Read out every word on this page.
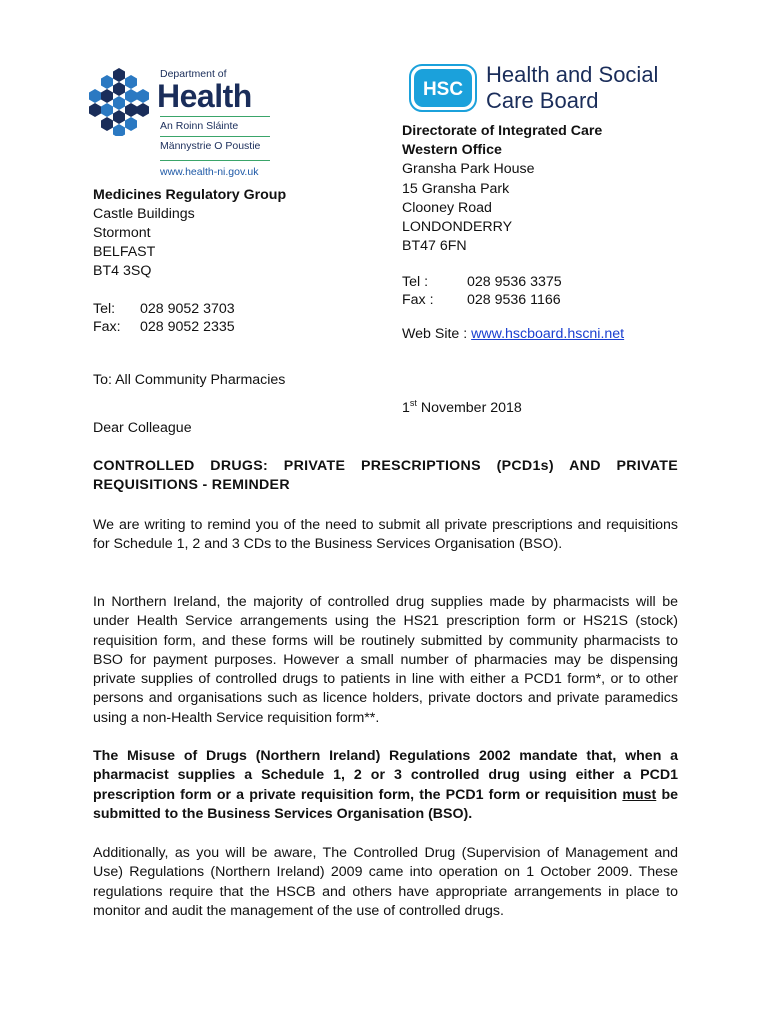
Department of
Health
An Roinn Sláinte
Männystrie O Poustie
www.health-ni.gov.uk
HSC
Health and Social
Care Board
Medicines Regulatory Group
Castle Buildings
Stormont
BELFAST
BT4 3SQ
Tel: 028 9052 3703
Fax: 028 9052 2335
Directorate of Integrated Care
Western Office
Gransha Park House
15 Gransha Park
Clooney Road
LONDONDERRY
BT47 6FN
Tel :	028 9536 3375
Fax : 028 9536 1166
Web Site : www.hscboard.hscni.net
To: All Community Pharmacies
1st November 2018
Dear Colleague
CONTROLLED DRUGS: PRIVATE PRESCRIPTIONS (PCD1s) AND PRIVATE REQUISITIONS - REMINDER
We are writing to remind you of the need to submit all private prescriptions and requisitions for Schedule 1, 2 and 3 CDs to the Business Services Organisation (BSO).
In Northern Ireland, the majority of controlled drug supplies made by pharmacists will be under Health Service arrangements using the HS21 prescription form or HS21S (stock) requisition form, and these forms will be routinely submitted by community pharmacists to BSO for payment purposes. However a small number of pharmacies may be dispensing private supplies of controlled drugs to patients in line with either a PCD1 form*, or to other persons and organisations such as licence holders, private doctors and private paramedics using a non-Health Service requisition form**.
The Misuse of Drugs (Northern Ireland) Regulations 2002 mandate that, when a pharmacist supplies a Schedule 1, 2 or 3 controlled drug using either a PCD1 prescription form or a private requisition form, the PCD1 form or requisition must be submitted to the Business Services Organisation (BSO).
Additionally, as you will be aware, The Controlled Drug (Supervision of Management and Use) Regulations (Northern Ireland) 2009 came into operation on 1 October 2009. These regulations require that the HSCB and others have appropriate arrangements in place to monitor and audit the management of the use of controlled drugs.
